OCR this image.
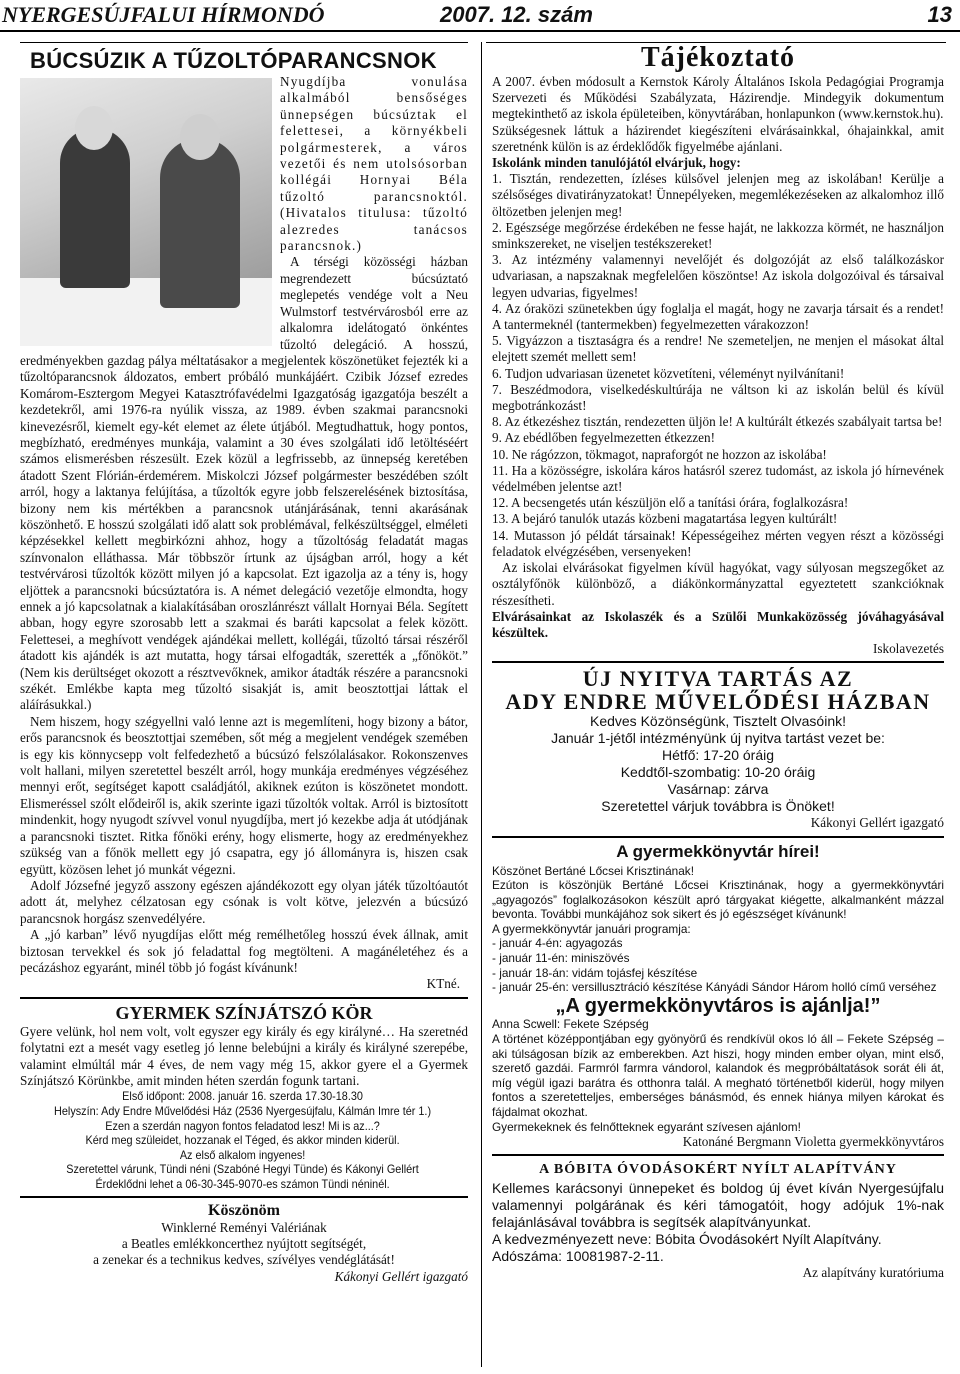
NYERGESÚJFALUI HÍRMONDÓ	2007. 12. szám	13
BÚCSÚZIK A TŰZOLTÓPARANCSNOK

Nyugdíjba vonulása alkalmából bensőséges ünnepségen búcsúztak el felettesei, a környékbeli polgármesterek, a város vezetői és nem utolsósorban kollégái Hornyai Béla tűzoltó parancsnoktól. (Hivatalos titulusa: tűzoltó alezredes tanácsos parancsnok.)

A térségi közösségi házban megrendezett búcsúztató meglepetés vendége volt a Neu Wulmstorf testvérvárosból erre az alkalomra idelátogató önkéntes tűzoltó delegáció. A hosszú, eredményekben gazdag pálya méltatásakor a megjelentek köszönetüket fejezték ki a tűzoltóparancsnok áldozatos, embert próbáló munkájáért. Czibik József ezredes Komárom-Esztergom Megyei Katasztrófavédelmi Igazgatóság igazgatója beszélt a kezdetekről, ami 1976-ra nyúlik vissza, az 1989. évben szakmai parancsnoki kinevezésről, kiemelt egy-két elemet az élete útjából. Megtudhattuk, hogy pontos, megbízható, eredményes munkája, valamint a 30 éves szolgálati idő letöltéséért számos elismerésben részesült. Ezek közül a legfrissebb, az ünnepség keretében átadott Szent Flórián-érdemérem. Miskolczi József polgármester beszédében szólt arról, hogy a laktanya felújítása, a tűzoltók egyre jobb felszerelésének biztosítása, bizony nem kis mértékben a parancsnok utánjárásának, tenni akarásának köszönhető. E hosszú szolgálati idő alatt sok problémával, felkészültséggel, elméleti képzésekkel kellett megbirkózni ahhoz, hogy a tűzoltóság feladatát magas színvonalon elláthassa. Már többször írtunk az újságban arról, hogy a két testvérvárosi tűzoltók között milyen jó a kapcsolat. Ezt igazolja az a tény is, hogy eljöttek a parancsnoki búcsúztatóra is. A német delegáció vezetője elmondta, hogy ennek a jó kapcsolatnak a kialakításában oroszlánrészt vállalt Hornyai Béla. Segített abban, hogy egyre szorosabb lett a szakmai és baráti kapcsolat a felek között. Felettesei, a meghívott vendégek ajándékai mellett, kollégái, tűzoltó társai részéről átadott kis ajándék is azt mutatta, hogy társai elfogadták, szerették a „főnököt.” (Nem kis derültséget okozott a résztvevőknek, amikor átadták részére a parancsnoki székét. Emlékbe kapta meg tűzoltó sisakját is, amit beosztottjai láttak el aláírásukkal.)

Nem hiszem, hogy szégyellni való lenne azt is megemlíteni, hogy bizony a bátor, erős parancsnok és beosztottjai szemében, sőt még a megjelent vendégek szemében is egy kis könnycsepp volt felfedezhető a búcsúzó felszólalásakor. Rokonszenves volt hallani, milyen szeretettel beszélt arról, hogy munkája eredményes végzéséhez mennyi erőt, segítséget kapott családjától, akiknek ezúton is köszönetet mondott. Elismeréssel szólt elődeiről is, akik szerinte igazi tűzoltók voltak. Arról is biztosított mindenkit, hogy nyugodt szívvel vonul nyugdíjba, mert jó kezekbe adja át utódjának a parancsnoki tisztet. Ritka főnöki erény, hogy elismerte, hogy az eredményekhez szükség van a főnök mellett egy jó csapatra, egy jó állományra is, hiszen csak együtt, közösen lehet jó munkát végezni.

Adolf Józsefné jegyző asszony egészen ajándékozott egy olyan játék tűzoltóautót adott át, melyhez célzatosan egy csónak is volt kötve, jelezvén a búcsúzó parancsnok horgász szenvedélyére.

A „jó karban” lévő nyugdíjas előtt még remélhetőleg hosszú évek állnak, amit biztosan tervekkel és sok jó feladattal fog megtölteni. A magánéletéhez és a pecázáshoz egyaránt, minél több jó fogást kívánunk!

KTné.

GYERMEK SZÍNJÁTSZÓ KÖR

Gyere velünk, hol nem volt, volt egyszer egy király és egy királyné… Ha szeretnéd folytatni ezt a mesét vagy esetleg jó lenne belebújni a király és királyné szerepébe, valamint elmúltál már 4 éves, de nem vagy még 15, akkor gyere el a Gyermek Színjátszó Körünkbe, amit minden héten szerdán fogunk tartani.

Első időpont: 2008. január 16. szerda 17.30-18.30

Helyszín: Ady Endre Művelődési Ház (2536 Nyergesújfalu, Kálmán Imre tér 1.)

Ezen a szerdán nagyon fontos feladatod lesz! Mi is az...?

Kérd meg szüleidet, hozzanak el Téged, és akkor minden kiderül.

Az első alkalom ingyenes!

Szeretettel várunk, Tündi néni (Szabóné Hegyi Tünde) és Kákonyi Gellért

Érdeklődni lehet a 06-30-345-9070-es számon Tündi néninél.

Köszönöm

Winklerné Reményi Valériának

a Beatles emlékkoncerthez nyújtott segítségét,

a zenekar és a technikus kedves, szívélyes vendéglátását!

Kákonyi Gellért igazgató

Tájékoztató

A 2007. évben módosult a Kernstok Károly Általános Iskola Pedagógiai Programja Szervezeti és Működési Szabályzata, Házirendje. Mindegyik dokumentum megtekinthető az iskola épületeiben, könyvtárában, honlapunkon (www.kernstok.hu).

Szükségesnek láttuk a házirendet kiegészíteni elvárásainkkal, óhajainkkal, amit szeretnénk külön is az érdeklődők figyelmébe ajánlani.

Iskolánk minden tanulójától elvárjuk, hogy:

1. Tisztán, rendezetten, ízléses külsővel jelenjen meg az iskolában! Kerülje a szélsőséges divatirányzatokat! Ünnepélyeken, megemlékezéseken az alkalomhoz illő öltözetben jelenjen meg!
2. Egészsége megőrzése érdekében ne fesse haját, ne lakkozza körmét, ne használjon sminkszereket, ne viseljen testékszereket!
3. Az intézmény valamennyi nevelőjét és dolgozóját az első találkozáskor udvariasan, a napszaknak megfelelően köszöntse! Az iskola dolgozóival és társaival legyen udvarias, figyelmes!
4. Az óraközi szünetekben úgy foglalja el magát, hogy ne zavarja társait és a rendet! A tantermeknél (tantermekben) fegyelmezetten várakozzon!
5. Vigyázzon a tisztaságra és a rendre! Ne szemeteljen, ne menjen el másokat által elejtett szemét mellett sem!
6. Tudjon udvariasan üzenetet közvetíteni, véleményt nyilvánítani!
7. Beszédmodora, viselkedéskultúrája ne váltson ki az iskolán belül és kívül megbotránkozást!
8. Az étkezéshez tisztán, rendezetten üljön le! A kultúrált étkezés szabályait tartsa be!
9. Az ebédlőben fegyelmezetten étkezzen!
10. Ne rágózzon, tökmagot, napraforgót ne hozzon az iskolába!
11. Ha a közösségre, iskolára káros hatásról szerez tudomást, az iskola jó hírnevének védelmében jelentse azt!
12. A becsengetés után készüljön elő a tanítási órára, foglalkozásra!
13. A bejáró tanulók utazás közbeni magatartása legyen kultúrált!
14. Mutasson jó példát társainak! Képességeihez mérten vegyen részt a közösségi feladatok elvégzésében, versenyeken!

Az iskolai elvárásokat figyelmen kívül hagyókat, vagy súlyosan megszegőket az osztályfőnök különböző, a diákönkormányzattal egyeztetett szankcióknak részesítheti.

Elvárásainkat az Iskolaszék és a Szülői Munkaközösség jóváhagyásával készültek.

Iskolavezetés

ÚJ NYITVA TARTÁS AZ

ADY ENDRE MŰVELŐDÉSI HÁZBAN

Kedves Közönségünk, Tisztelt Olvasóink!

Január 1-jétől intézményünk új nyitva tartást vezet be:

Hétfő: 17-20 óráig

Keddtől-szombatig: 10-20 óráig

Vasárnap: zárva

Szeretettel várjuk továbbra is Önöket!

Kákonyi Gellért igazgató

A gyermekkönyvtár hírei!

Köszönet Bertáné Lőcsei Krisztinának!

Ezúton is köszönjük Bertáné Lőcsei Krisztinának, hogy a gyermekkönyvtári „agyagozós” foglalkozásokon készült apró tárgyakat kiégette, alkalmanként mázzal bevonta. További munkájához sok sikert és jó egészséget kívánunk!

A gyermekkönyvtár januári programja:

- január 4-én: agyagozás

- január 11-én: miniszövés

- január 18-án: vidám tojásfej készítése

- január 25-én: versillusztráció készítése Kányádi Sándor Három holló című verséhez

„A gyermekkönyvtáros is ajánlja!”

Anna Scwell: Fekete Szépség

A történet középpontjában egy gyönyörű és rendkívül okos ló áll – Fekete Szépség – aki túlságosan bízik az emberekben. Azt hiszi, hogy minden ember olyan, mint első, szerető gazdái. Farmról farmra vándorol, kalandok és megpróbáltatások sorát éli át, míg végül igazi barátra és otthonra talál. A megható történetből kiderül, hogy milyen fontos a szeretetteljes, emberséges bánásmód, és ennek hiánya milyen károkat és fájdalmat okozhat.

Gyermekeknek és felnőtteknek egyaránt szívesen ajánlom!

Katonáné Bergmann Violetta gyermekkönyvtáros

A BÓBITA ÓVODÁSOKÉRT NYÍLT ALAPÍTVÁNY

Kellemes karácsonyi ünnepeket és boldog új évet kíván Nyergesújfalu valamennyi polgárának és kéri támogatóit, hogy adójuk 1%-nak felajánlásával továbbra is segítsék alapítványunkat.

A kedvezményezett neve: Bóbita Óvodásokért Nyílt Alapítvány.

Adószáma: 10081987-2-11.

Az alapítvány kuratóriuma
